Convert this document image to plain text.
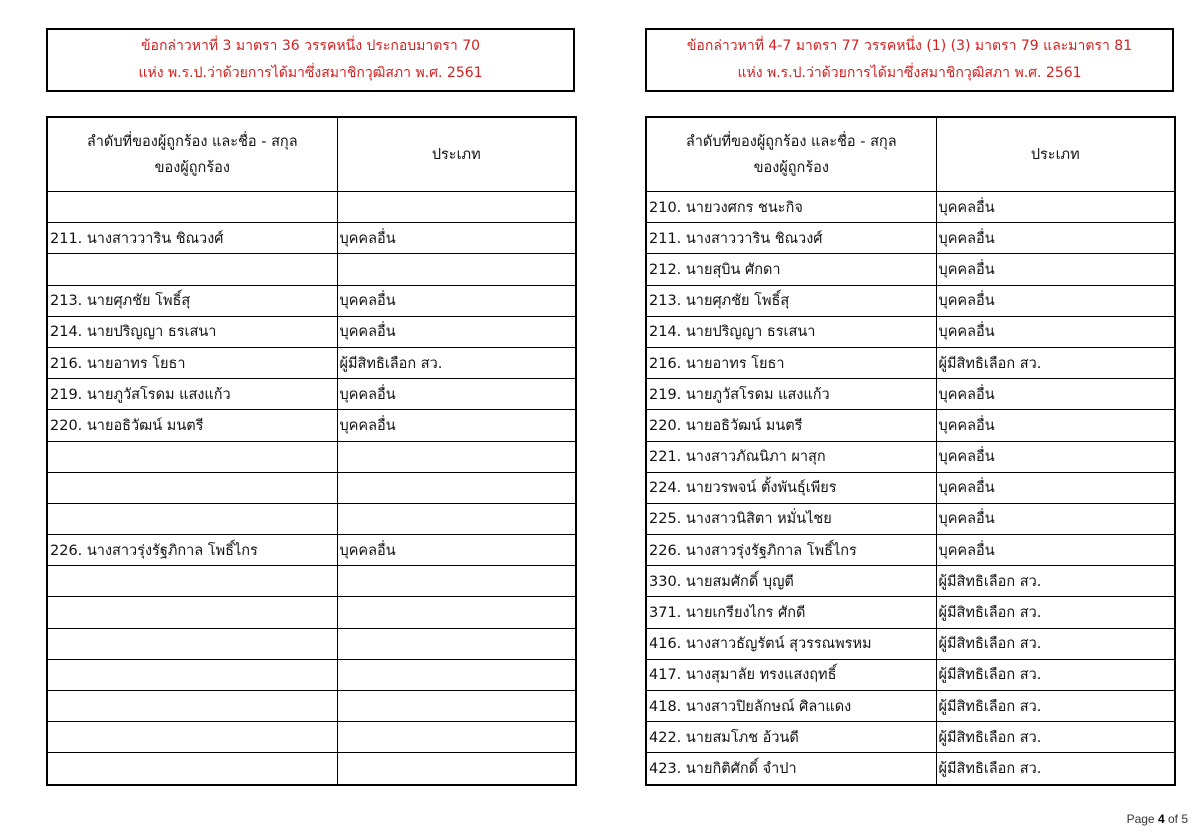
ข้อกล่าวหาที่ 3 มาตรา 36 วรรคหนึ่ง ประกอบมาตรา 70
แห่ง พ.ร.ป.ว่าด้วยการได้มาซึ่งสมาชิกวุฒิสภา พ.ศ. 2561
ลำดับที่ของผู้ถูกร้อง และชื่อ - สกุล
ของผู้ถูกร้อง	ประเภท

211. นางสาววาริน ชิณวงศ์	บุคคลอื่น

213. นายศุภชัย โพธิ์สุ	บุคคลอื่น
214. นายปริญญา ธรเสนา	บุคคลอื่น
216. นายอาทร โยธา	ผู้มีสิทธิเลือก สว.
219. นายภูวัสโรดม แสงแก้ว	บุคคลอื่น
220. นายอธิวัฒน์ มนตรี	บุคคลอื่น

226. นางสาวรุ่งรัฐภิกาล โพธิ์ไกร	บุคคลอื่น

ข้อกล่าวหาที่ 4-7 มาตรา 77 วรรคหนึ่ง (1) (3) มาตรา 79 และมาตรา 81
แห่ง พ.ร.ป.ว่าด้วยการได้มาซึ่งสมาชิกวุฒิสภา พ.ศ. 2561
ลำดับที่ของผู้ถูกร้อง และชื่อ - สกุล
ของผู้ถูกร้อง	ประเภท
210. นายวงศกร ชนะกิจ	บุคคลอื่น
211. นางสาววาริน ชิณวงศ์	บุคคลอื่น
212. นายสุบิน ศักดา	บุคคลอื่น
213. นายศุภชัย โพธิ์สุ	บุคคลอื่น
214. นายปริญญา ธรเสนา	บุคคลอื่น
216. นายอาทร โยธา	ผู้มีสิทธิเลือก สว.
219. นายภูวัสโรดม แสงแก้ว	บุคคลอื่น
220. นายอธิวัฒน์ มนตรี	บุคคลอื่น
221. นางสาวภัณนิภา ผาสุก	บุคคลอื่น
224. นายวรพจน์ ตั้งพันธุ์เพียร	บุคคลอื่น
225. นางสาวนิสิตา หมั่นไชย	บุคคลอื่น
226. นางสาวรุ่งรัฐภิกาล โพธิ์ไกร	บุคคลอื่น
330. นายสมศักดิ์ บุญตี	ผู้มีสิทธิเลือก สว.
371. นายเกรียงไกร ศักดี	ผู้มีสิทธิเลือก สว.
416. นางสาวธัญรัตน์ สุวรรณพรหม	ผู้มีสิทธิเลือก สว.
417. นางสุมาลัย ทรงแสงฤทธิ์	ผู้มีสิทธิเลือก สว.
418. นางสาวปิยลักษณ์ ศิลาแดง	ผู้มีสิทธิเลือก สว.
422. นายสมโภช อ้วนดี	ผู้มีสิทธิเลือก สว.
423. นายกิติศักดิ์ จำปา	ผู้มีสิทธิเลือก สว.
Page 4 of 5
